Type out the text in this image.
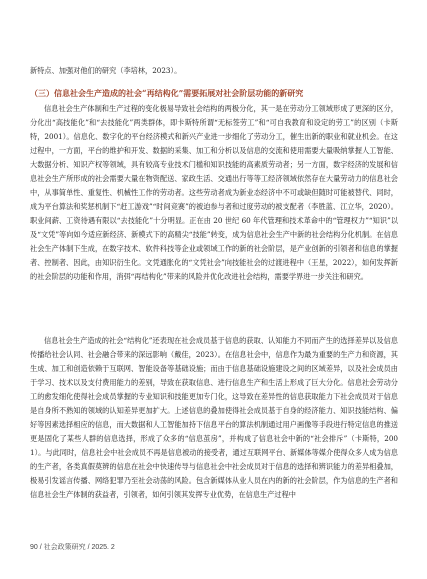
新特点、加强对他们的研究（李培林，2023）。

（三）信息社会生产造成的社会“再结构化”需要拓展对社会阶层功能的新研究

信息社会生产体制和生产过程的变化极易导致社会结构的两极分化，其一是在劳动分工领域形成了更深的区分，分化出“高技能化”和“去技能化”两类群体，即卡斯特所谓“无标签劳工”和“可自我教育和设定的劳工”的区别（卡斯特，2001）。信息化、数字化的平台经济模式和新兴产业进一步细化了劳动分工，催生出新的职业和就业机会。在这过程中，一方面，平台的维护和开发、数据的采集、加工和分析以及信息的交流和使用需要大量吸纳掌握人工智能、大数据分析、知识产权等领域，具有较高专业技术门槛和知识技能的高素质劳动者；另一方面，数字经济的发展和信息社会生产所形成的社会需要大量在物资配送、家政生活、交通出行等等工经济领域依然存在大量劳动力的信息社会中，从事简单性、重复性、机械性工作的劳动者。这些劳动者成为新业态经济中不可或缺但随时可能被替代、同时，成为平台算法和奖惩机制下“赶工游戏”“时间竞赛”的被迫参与者和过度劳动的被支配者（李胜蓝、江立华，2020）。职业间薪、工资待遇有限以“去技能化”十分明显。正在由 20 世纪 60 年代管理和技术革命中的“管理权力”“知识”以及“文凭”等向如今适应新经济、新模式下的高精尖“技能”转变，成为信息社会生产中新的社会结构分化机制。在信息社会生产体制下生成，在数字技术、软件科技等企业或领域工作的新的社会阶层，是产业创新的引领者和信息的掌握者、控制者、因此，由知识衍生化。文凭通胀化的“文凭社会”向技能社会的过渡进程中（王星，2022），如何发挥新的社会阶层的功能和作用，消弭“再结构化”带来的风险并优化改进社会结构，需要学界进一步关注和研究。

信息社会生产造成的社会“结构化”还表现在社会成员基于信息的获取、认知能力不同而产生的选择差异以及信息传播给社会认同、社会融合带来的深远影响（戴佳，2023）。在信息社会中，信息作为最为重要的生产力和资源，其生成、加工和创造依赖于互联网、智能设备等基础设施；而由于信息基础设施建设之间的区域差异，以及社会成员由于学习、技术以及支付费用能力的差别，导致在获取信息、进行信息生产和生活上形成了巨大分化。信息社会劳动分工的愈发细化使得社会成员掌握的专业知识和技能更加专门化，这导致在差异性的信息获取能力下社会成员对于信息是自身所不熟知的领域的认知差异更加扩大。上述信息的叠加使得社会成员基于自身的经济能力、知识技能结构、偏好等因素选择相应的信息，而大数据和人工智能加持下信息平台的算法机制通过用户画像等手段进行特定信息的推送更是固化了某些人群的信息选择，形成了众多的“信息茧房”，并构成了信息社会中新的“社会排斥”（卡斯特，2001）。与此同时，信息社会中社会成员不再是信息被动的接受者，通过互联网平台、新媒体等媒介使得众多人成为信息的生产者，各类真假莫辨的信息在社会中快速传导与信息社会中社会成员对于信息的选择和辨识能力的差异相叠加，极易引发谣言传播、网络犯罪乃至社会动荡的风险。包含新媒体从业人员在内的新的社会阶层，作为信息的生产者和信息社会生产体制的获益者，引领者，如何引领其发挥专业优势，在信息生产过程中

90 / 社会政策研究 / 2025. 2
